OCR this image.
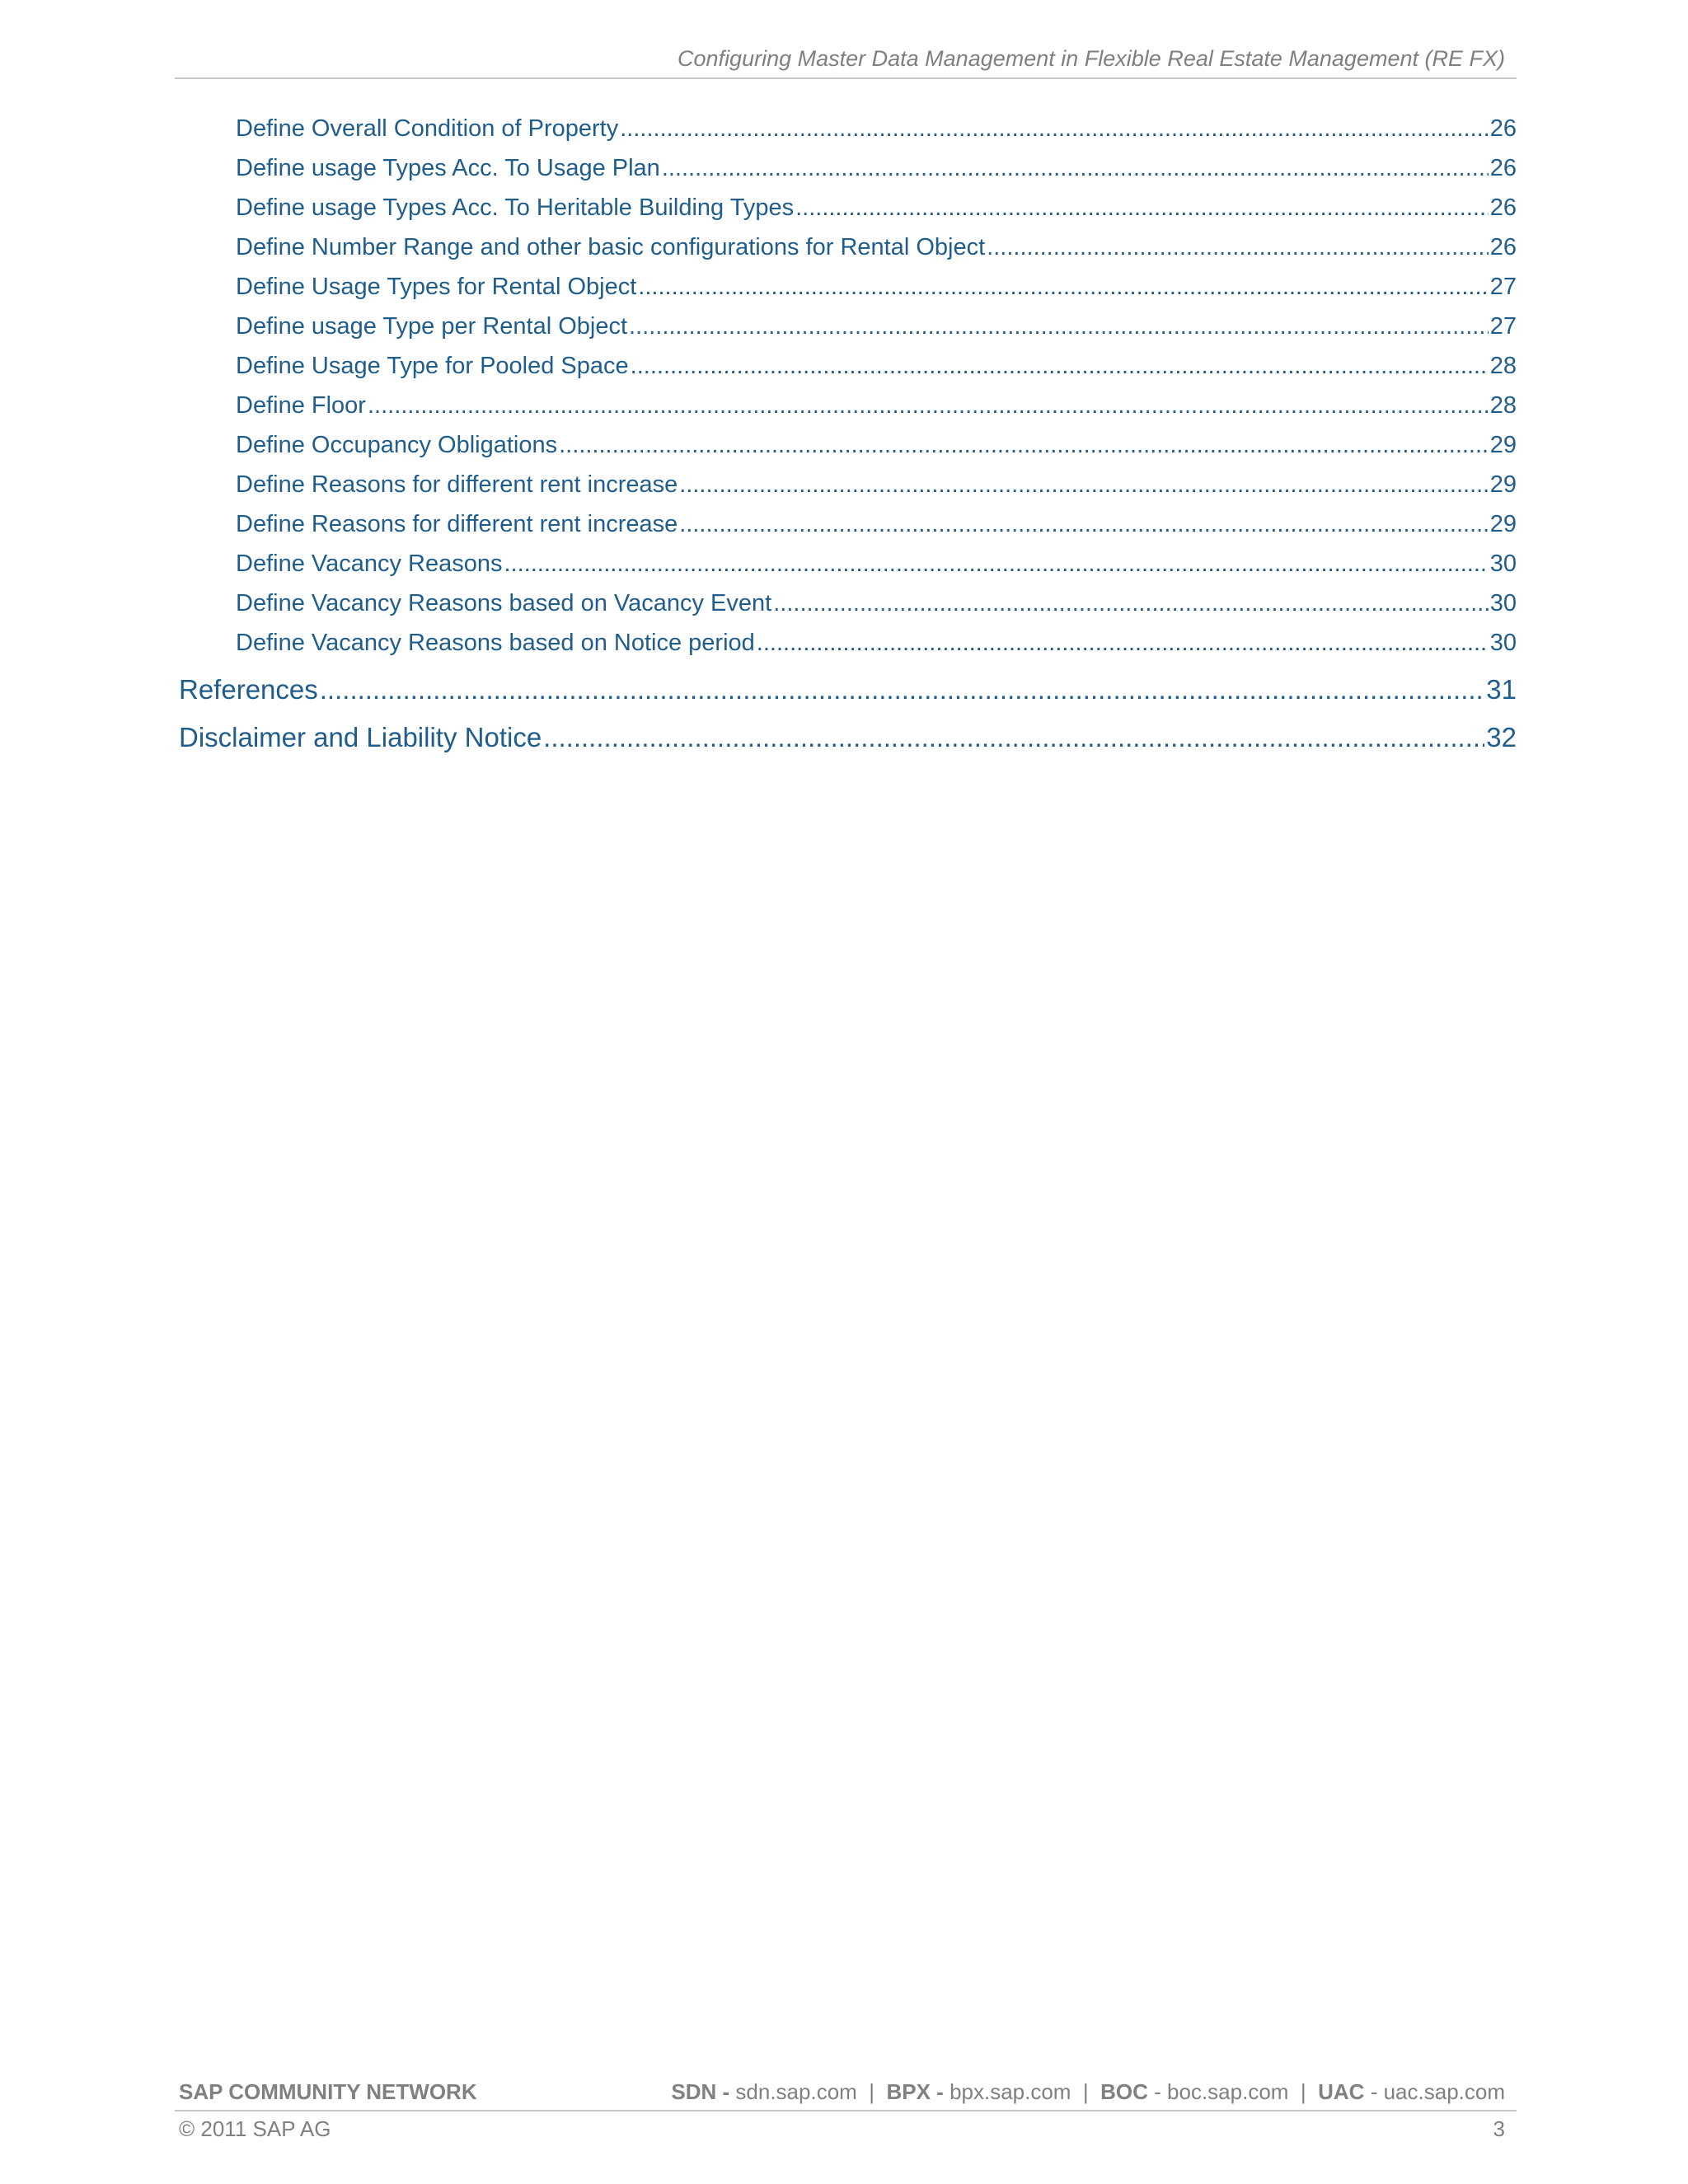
Configuring Master Data Management in Flexible Real Estate Management (RE FX)
Define Overall Condition of Property .....	26
Define usage Types Acc. To Usage Plan .....	26
Define usage Types Acc. To Heritable Building Types .....	26
Define Number Range and other basic configurations for Rental Object .....	26
Define Usage Types for Rental Object .....	27
Define usage Type per Rental Object .....	27
Define Usage Type for Pooled Space .....	28
Define Floor .....	28
Define Occupancy Obligations .....	29
Define Reasons for different rent increase .....	29
Define Reasons for different rent increase .....	29
Define Vacancy Reasons .....	30
Define Vacancy Reasons based on Vacancy Event .....	30
Define Vacancy Reasons based on Notice period .....	30
References .....	31
Disclaimer and Liability Notice .....	32
SAP COMMUNITY NETWORK	SDN - sdn.sap.com | BPX - bpx.sap.com | BOC - boc.sap.com | UAC - uac.sap.com
© 2011 SAP AG	3
